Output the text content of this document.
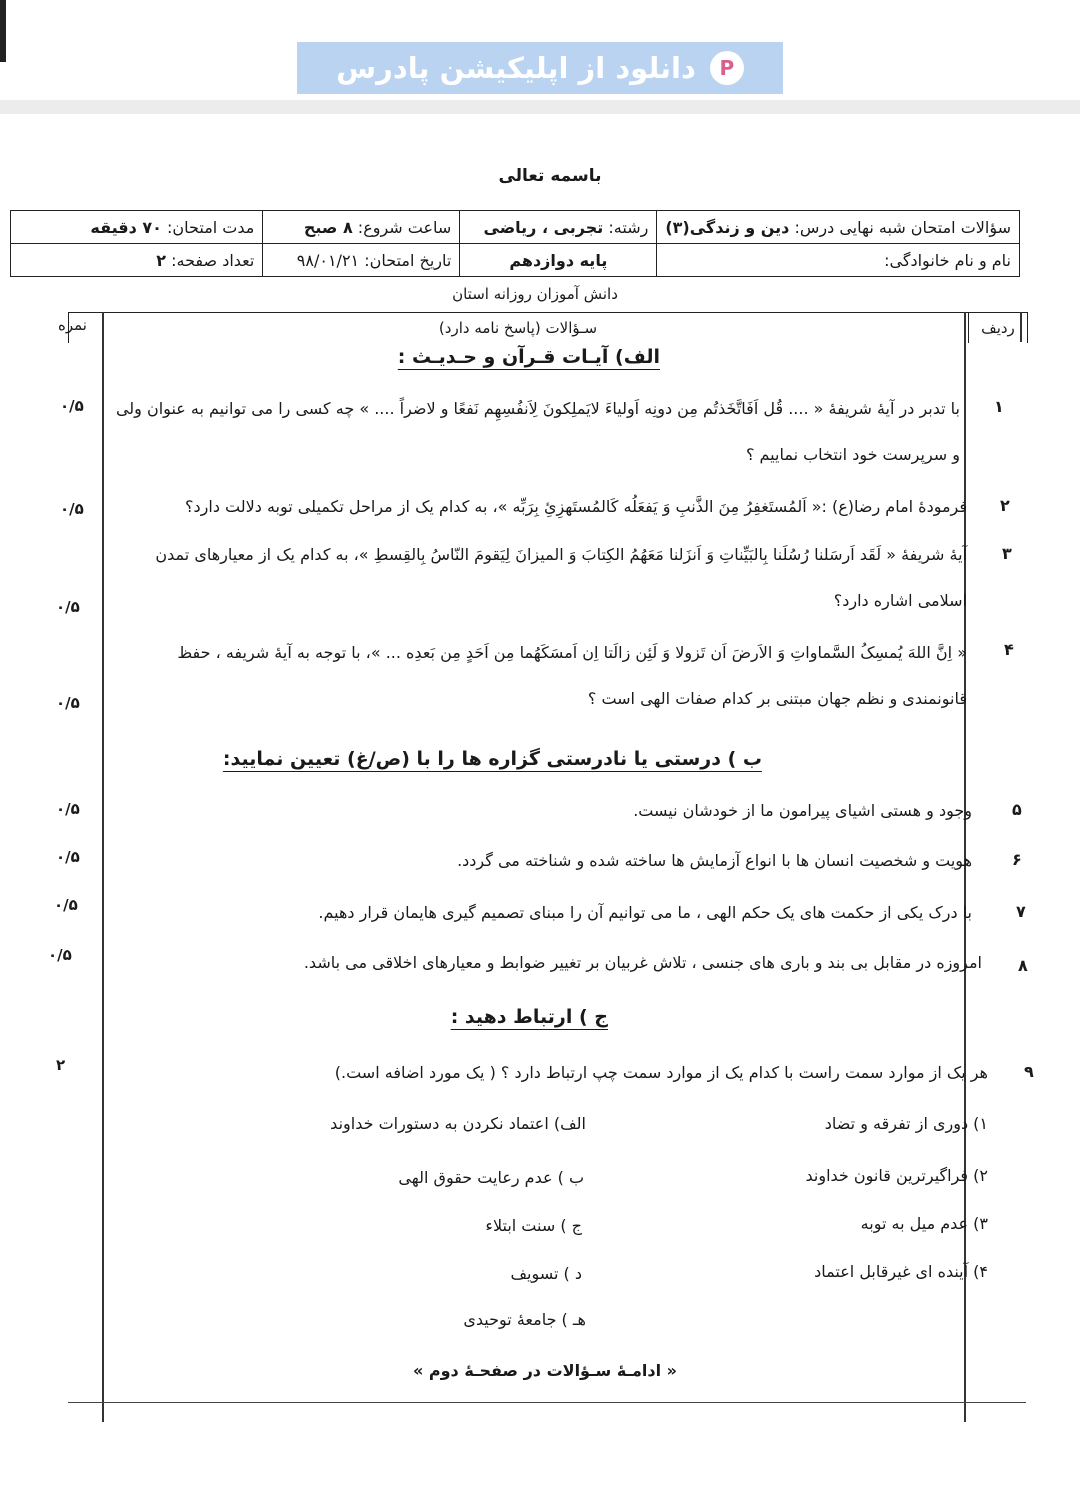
P
دانلود از اپلیکیشن پادرس
باسمه تعالی
سؤالات امتحان شبه نهایی درس: دین و زندگی(۳)	رشته: تجربی ، ریاضی	ساعت شروع: ۸ صبح	مدت امتحان: ۷۰ دقیقه
نام و نام خانوادگی:	پایه دوازدهم	تاریخ امتحان: ۹۸/۰۱/۲۱	تعداد صفحه: ۲
دانش آموزان روزانه استان
ردیف
سـؤالات (پاسخ نامه دارد)
نمره
الف) آیـات قـرآن و حـدیـث :
۱
۰/۵ با تدبر در آیهٔ شریفهٔ « .... قُل اَفَاتَّخَذتُم مِن دونِه اَولیاءَ لایَملِکونَ لِاَنفُسِهِم نَفعًا و لاضراً .... » چه کسی را می توانیم به عنوان ولی و سرپرست خود انتخاب نماییم ؟
۲
۰/۵	فرمودهٔ امام رضا(ع) :« اَلمُستَغفِرُ مِنَ الذَّنبِ وَ یَفعَلُه کَالمُستَهزِئِ بِرَبِّه »، به کدام یک از مراحل تکمیلی توبه دلالت دارد؟
۳
۰/۵
آیهٔ شریفهٔ « لَقَد اَرسَلنا رُسُلَنا بِالبَیِّناتِ وَ اَنزَلنا مَعَهُمُ الکِتابَ وَ المیزانَ لِیَقومَ النّاسُ بِالقِسطِ »، به کدام یک از معیارهای تمدن اسلامی اشاره دارد؟
۴
۰/۵
« اِنَّ اللهَ یُمسِکُ السَّماواتِ وَ الاَرضَ اَن تَزولا وَ لَئِن زالَتا اِن اَمسَکَهُما مِن اَحَدٍ مِن بَعدِه ... »، با توجه به آیهٔ شریفه ، حفظ قانونمندی و نظم جهان مبتنی بر کدام صفات الهی است ؟
ب ) درستی یا نادرستی گزاره ها را با (ص/غ) تعیین نمایید:
۵
۰/۵	وجود و هستی اشیای پیرامون ما از خودشان نیست.
۶
۰/۵	هویت و شخصیت انسان ها با انواع آزمایش ها ساخته شده و شناخته می گردد.
۷
۰/۵	با درک یکی از حکمت های یک حکم الهی ، ما می توانیم آن را مبنای تصمیم گیری هایمان قرار دهیم.
۸
۰/۵	امروزه در مقابل بی بند و باری های جنسی ، تلاش غربیان بر تغییر ضوابط و معیارهای اخلاقی می باشد.
ج ) ارتباط دهید :
۹
۲	هر یک از موارد سمت راست با کدام یک از موارد سمت چپ ارتباط دارد ؟ ( یک مورد اضافه است.)
۱) دوری از تفرقه و تضاد
۲) فراگیرترین قانون خداوند
۳) عدم میل به توبه
۴) آینده ای غیرقابل اعتماد
الف) اعتماد نکردن به دستورات خداوند
ب ) عدم رعایت حقوق الهی
ج ) سنت ابتلاء
د ) تسویف
هـ ) جامعهٔ توحیدی
« ادامـهٔ سـؤالات در صفحـهٔ دوم »
